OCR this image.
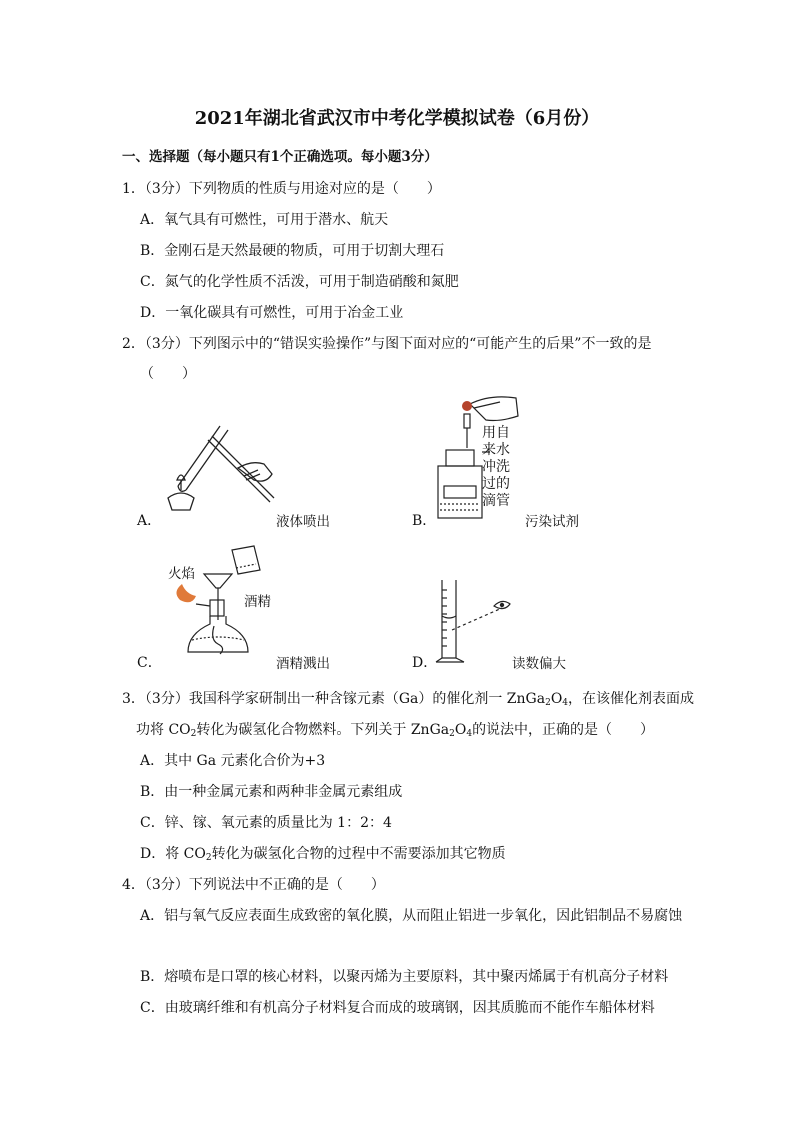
2021年湖北省武汉市中考化学模拟试卷（6月份）
一、选择题（每小题只有1个正确选项。每小题3分）
1．（3分）下列物质的性质与用途对应的是（　　）
A．氧气具有可燃性，可用于潜水、航天
B．金刚石是天然最硬的物质，可用于切割大理石
C．氮气的化学性质不活泼，可用于制造硝酸和氮肥
D．一氧化碳具有可燃性，可用于冶金工业
2．（3分）下列图示中的“错误实验操作”与图下面对应的“可能产生的后果”不一致的是
（　　）
A．	液体喷出
用自
来水
冲洗
过的
滴管
B．	污染试剂
火焰
酒精
C．	酒精溅出	D．	读数偏大
3．（3分）我国科学家研制出一种含镓元素（Ga）的催化剂一 $ZnGa_2O_4$，在该催化剂表面成
功将 $CO_2$转化为碳氢化合物燃料。下列关于 $ZnGa_2O_4$的说法中，正确的是（　　）
A．其中 Ga 元素化合价为+3
B．由一种金属元素和两种非金属元素组成
C．锌、镓、氧元素的质量比为 1：2：4
D．将 $CO_2$转化为碳氢化合物的过程中不需要添加其它物质
4．（3分）下列说法中不正确的是（　　）
A．铝与氧气反应表面生成致密的氧化膜，从而阻止铝进一步氧化，因此铝制品不易腐蚀
B．熔喷布是口罩的核心材料，以聚丙烯为主要原料，其中聚丙烯属于有机高分子材料
C．由玻璃纤维和有机高分子材料复合而成的玻璃钢，因其质脆而不能作车船体材料
